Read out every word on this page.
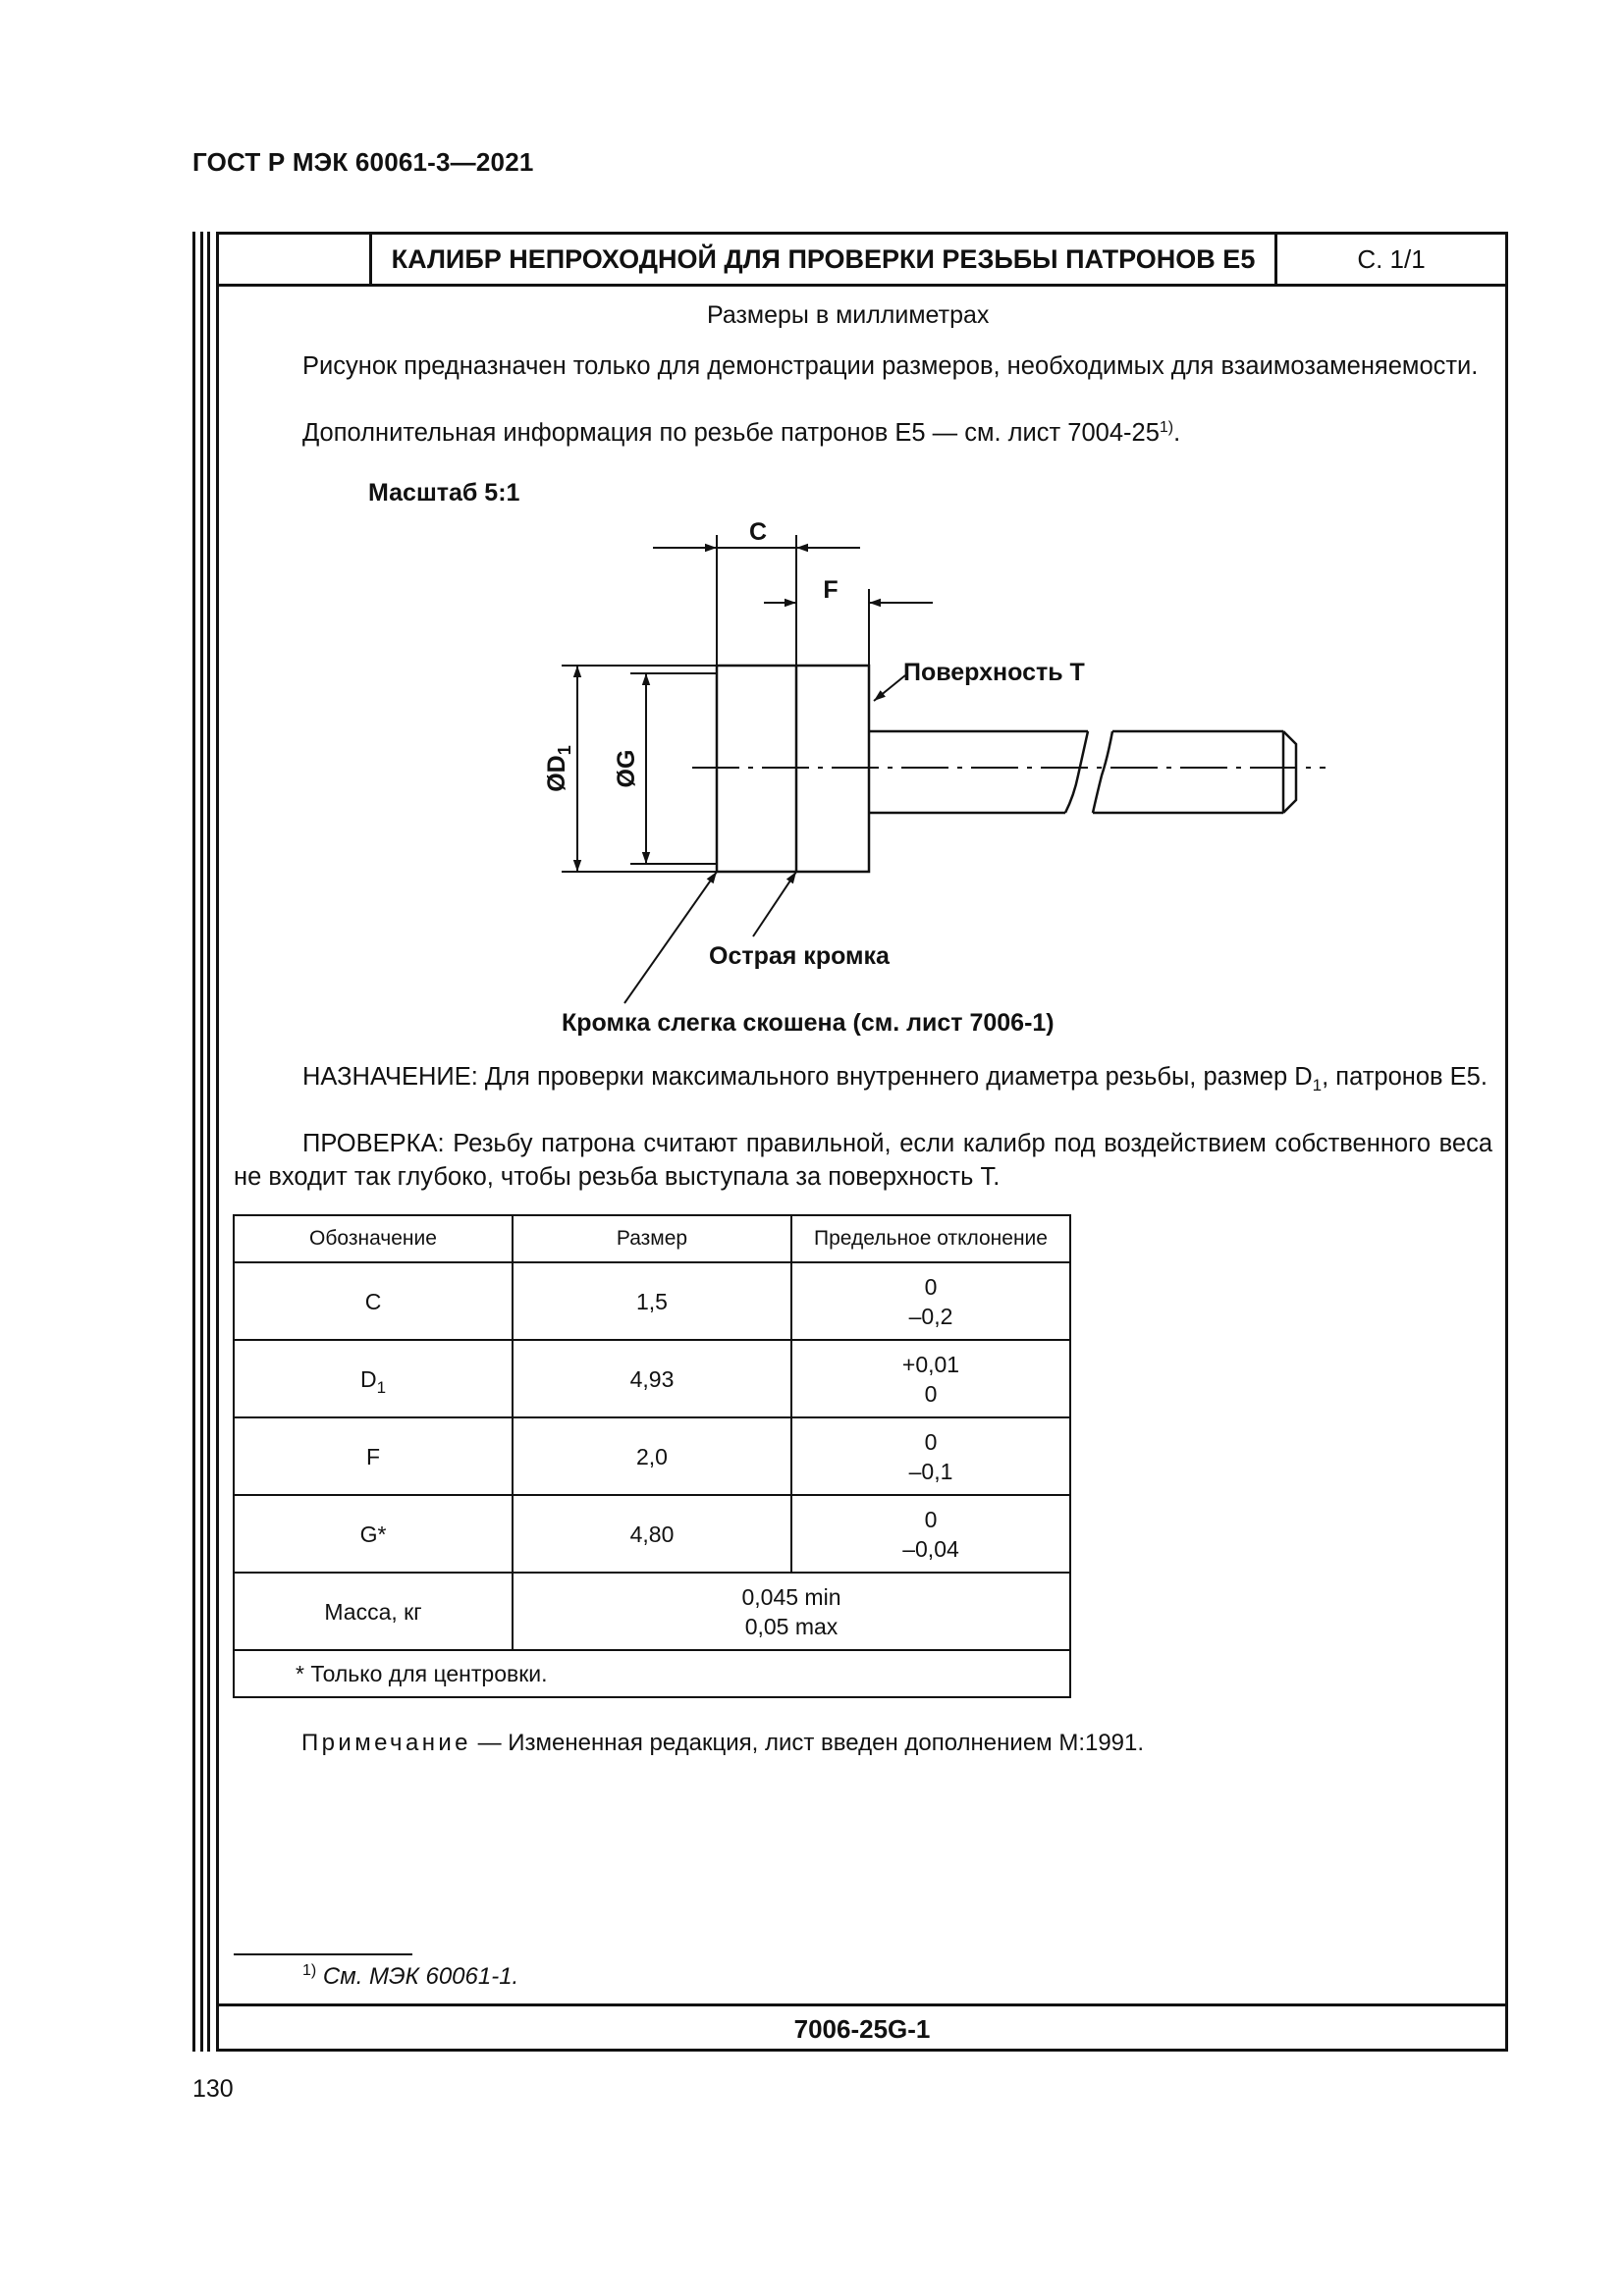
ГОСТ Р МЭК 60061-3—2021
КАЛИБР НЕПРОХОДНОЙ ДЛЯ ПРОВЕРКИ РЕЗЬБЫ ПАТРОНОВ Е5	С. 1/1
Размеры в миллиметрах
Рисунок предназначен только для демонстрации размеров, необходимых для взаимозаменяемости.
Дополнительная информация по резьбе патронов Е5 — см. лист 7004-25$^{1)}$.
Масштаб 5:1
C
F
$ØD_1$ ØG
Поверхность T
Острая кромка
Кромка слегка скошена (см. лист 7006-1)
НАЗНАЧЕНИЕ: Для проверки максимального внутреннего диаметра резьбы, размер $D_1$, патронов Е5.
ПРОВЕРКА: Резьбу патрона считают правильной, если калибр под воздействием собственного веса не входит так глубоко, чтобы резьба выступала за поверхность T.
Обозначение	Размер	Предельное отклонение
C	1,5	0
–0,2

$D_1$	4,93	+0,01
0

F	2,0	0
–0,1

G*	4,80	0
–0,04

Масса, кг	0,045 min
0,05 max	

* Только для центровки.		
Примечание — Измененная редакция, лист введен дополнением М:1991.
$^{1)}$ См. МЭК 60061-1.
7006-25G-1
130
